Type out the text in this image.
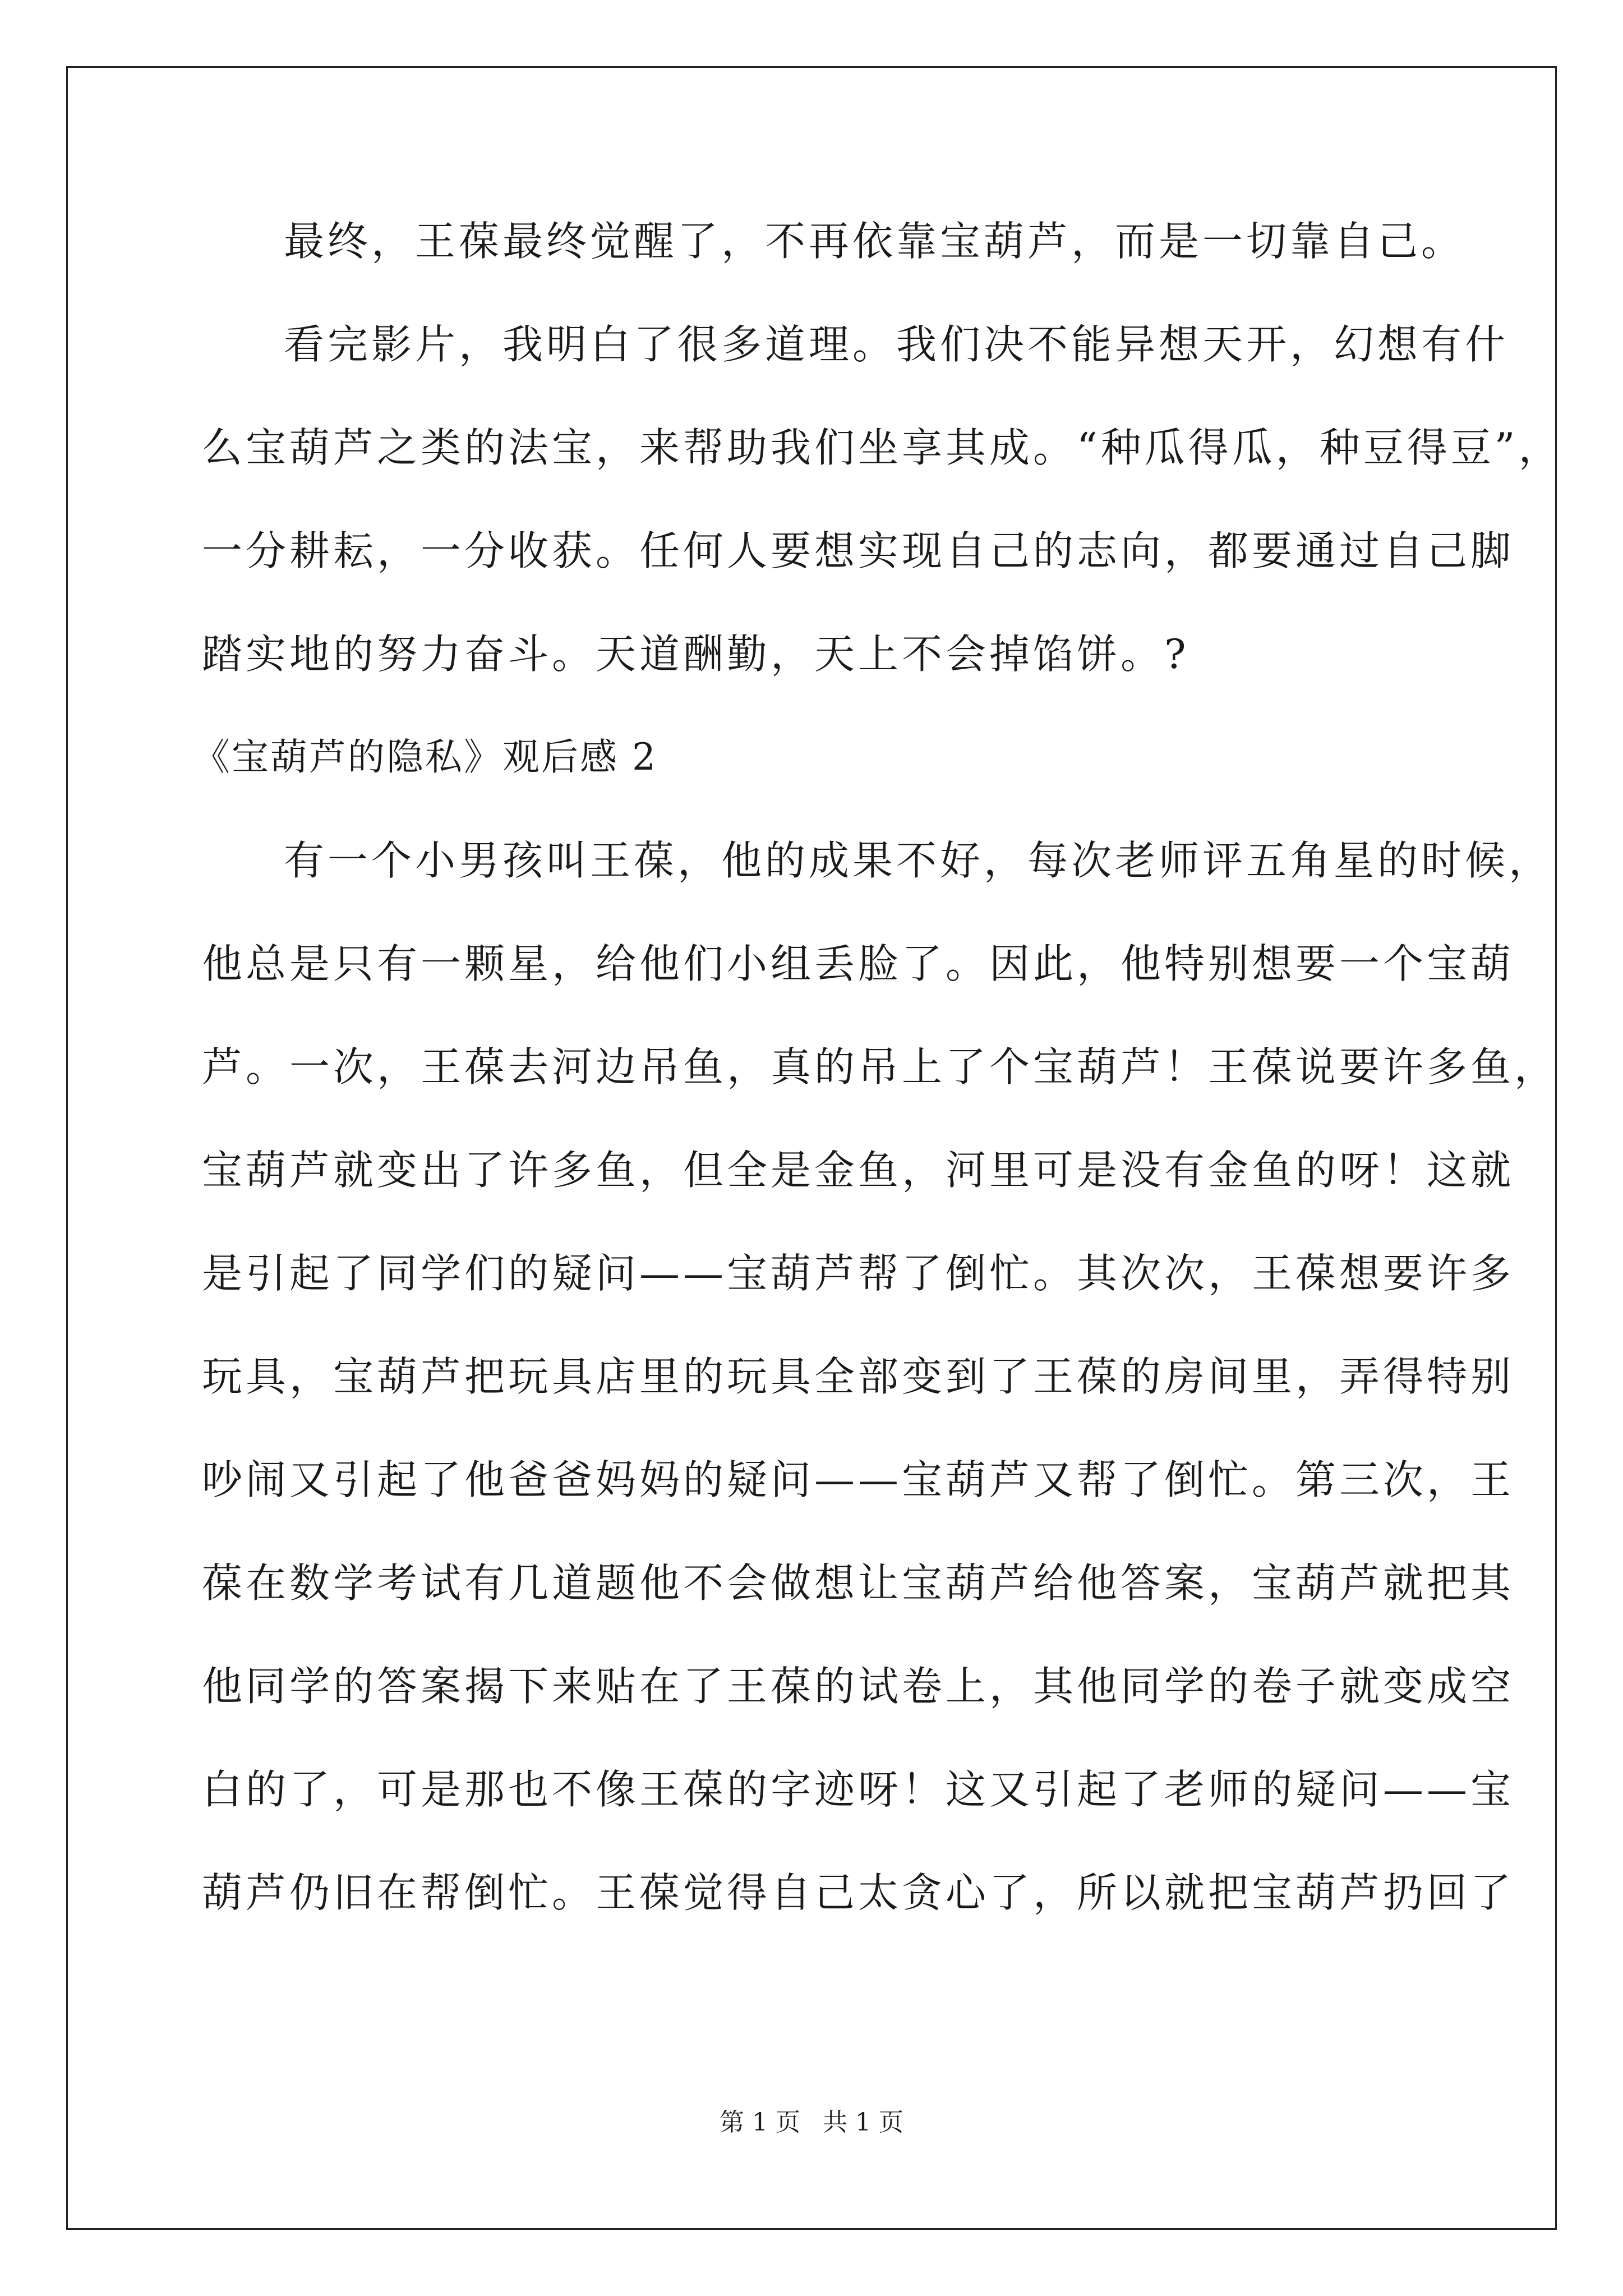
最终，王葆最终觉醒了，不再依靠宝葫芦，而是一切靠自己。
看完影片，我明白了很多道理。我们决不能异想天开，幻想有什
么宝葫芦之类的法宝，来帮助我们坐享其成。“种瓜得瓜，种豆得豆”，
一分耕耘，一分收获。任何人要想实现自己的志向，都要通过自己脚
踏实地的努力奋斗。天道酬勤，天上不会掉馅饼。?
《宝葫芦的隐私》观后感 2
有一个小男孩叫王葆，他的成果不好，每次老师评五角星的时候，
他总是只有一颗星，给他们小组丢脸了。因此，他特别想要一个宝葫
芦。一次，王葆去河边吊鱼，真的吊上了个宝葫芦！王葆说要许多鱼，
宝葫芦就变出了许多鱼，但全是金鱼，河里可是没有金鱼的呀！这就
是引起了同学们的疑问——宝葫芦帮了倒忙。其次次，王葆想要许多
玩具，宝葫芦把玩具店里的玩具全部变到了王葆的房间里，弄得特别
吵闹又引起了他爸爸妈妈的疑问——宝葫芦又帮了倒忙。第三次，王
葆在数学考试有几道题他不会做想让宝葫芦给他答案，宝葫芦就把其
他同学的答案揭下来贴在了王葆的试卷上，其他同学的卷子就变成空
白的了，可是那也不像王葆的字迹呀！这又引起了老师的疑问——宝
葫芦仍旧在帮倒忙。王葆觉得自己太贪心了，所以就把宝葫芦扔回了
第 1 页 共 1 页
